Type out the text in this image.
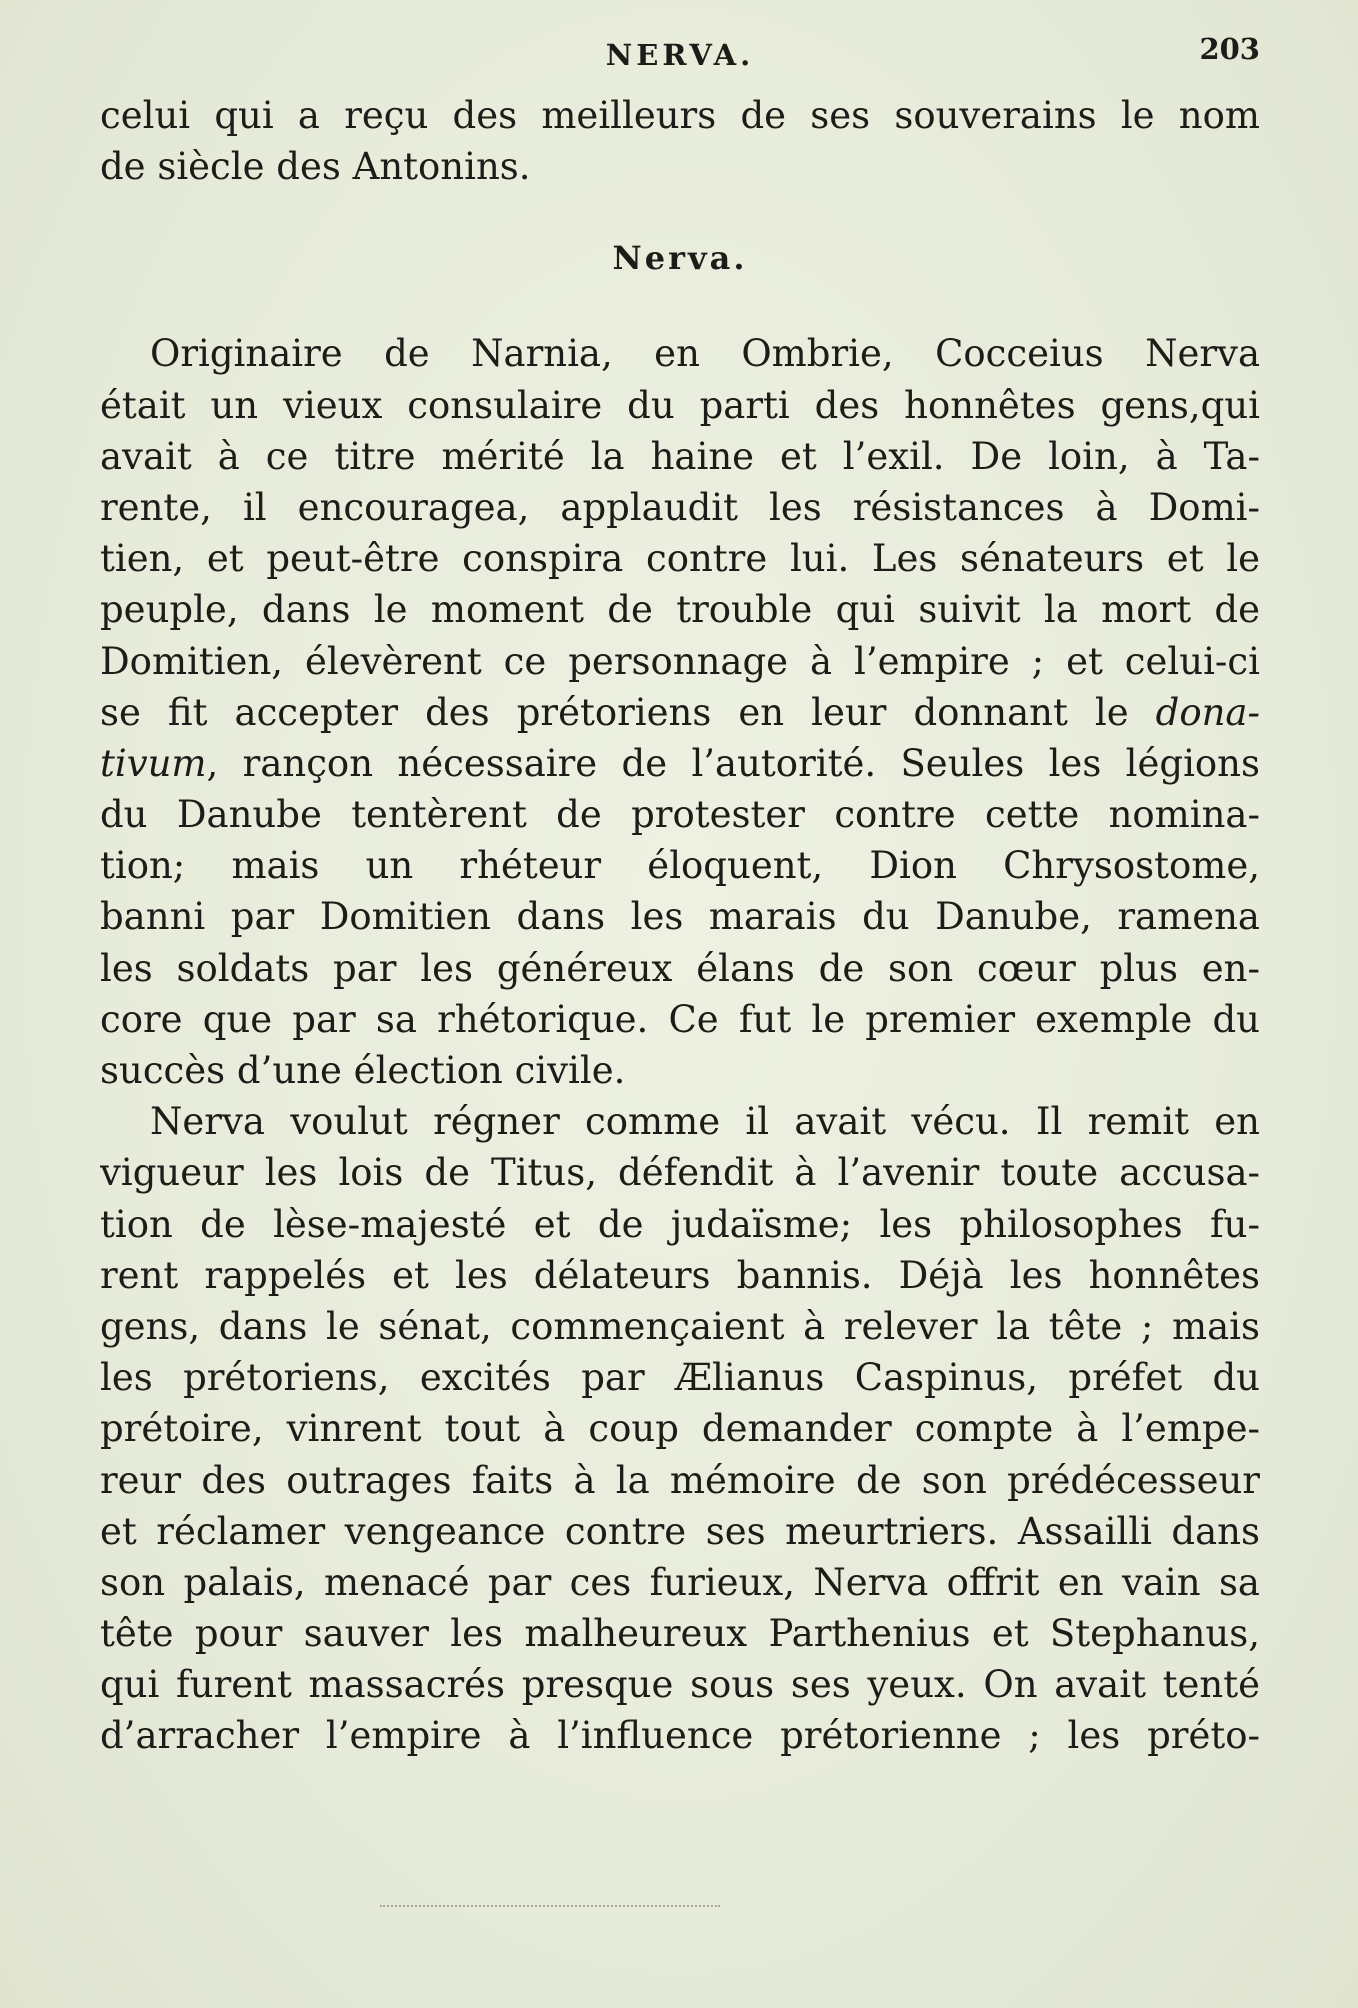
NERVA.	203
celui qui a reçu des meilleurs de ses souverains le nom
de siècle des Antonins.
Nerva.
Originaire de Narnia, en Ombrie, Cocceius Nerva
était un vieux consulaire du parti des honnêtes gens,qui
avait à ce titre mérité la haine et l’exil. De loin, à Ta-
rente, il encouragea, applaudit les résistances à Domi-
tien, et peut-être conspira contre lui. Les sénateurs et le
peuple, dans le moment de trouble qui suivit la mort de
Domitien, élevèrent ce personnage à l’empire ; et celui-ci
se fit accepter des prétoriens en leur donnant le dona-
tivum, rançon nécessaire de l’autorité. Seules les légions
du Danube tentèrent de protester contre cette nomina-
tion; mais un rhéteur éloquent, Dion Chrysostome,
banni par Domitien dans les marais du Danube, ramena
les soldats par les généreux élans de son cœur plus en-
core que par sa rhétorique. Ce fut le premier exemple du
succès d’une élection civile.
Nerva voulut régner comme il avait vécu. Il remit en
vigueur les lois de Titus, défendit à l’avenir toute accusa-
tion de lèse-majesté et de judaïsme; les philosophes fu-
rent rappelés et les délateurs bannis. Déjà les honnêtes
gens, dans le sénat, commençaient à relever la tête ; mais
les prétoriens, excités par Ælianus Caspinus, préfet du
prétoire, vinrent tout à coup demander compte à l’empe-
reur des outrages faits à la mémoire de son prédécesseur
et réclamer vengeance contre ses meurtriers. Assailli dans
son palais, menacé par ces furieux, Nerva offrit en vain sa
tête pour sauver les malheureux Parthenius et Stephanus,
qui furent massacrés presque sous ses yeux. On avait tenté
d’arracher l’empire à l’influence prétorienne ; les préto-
